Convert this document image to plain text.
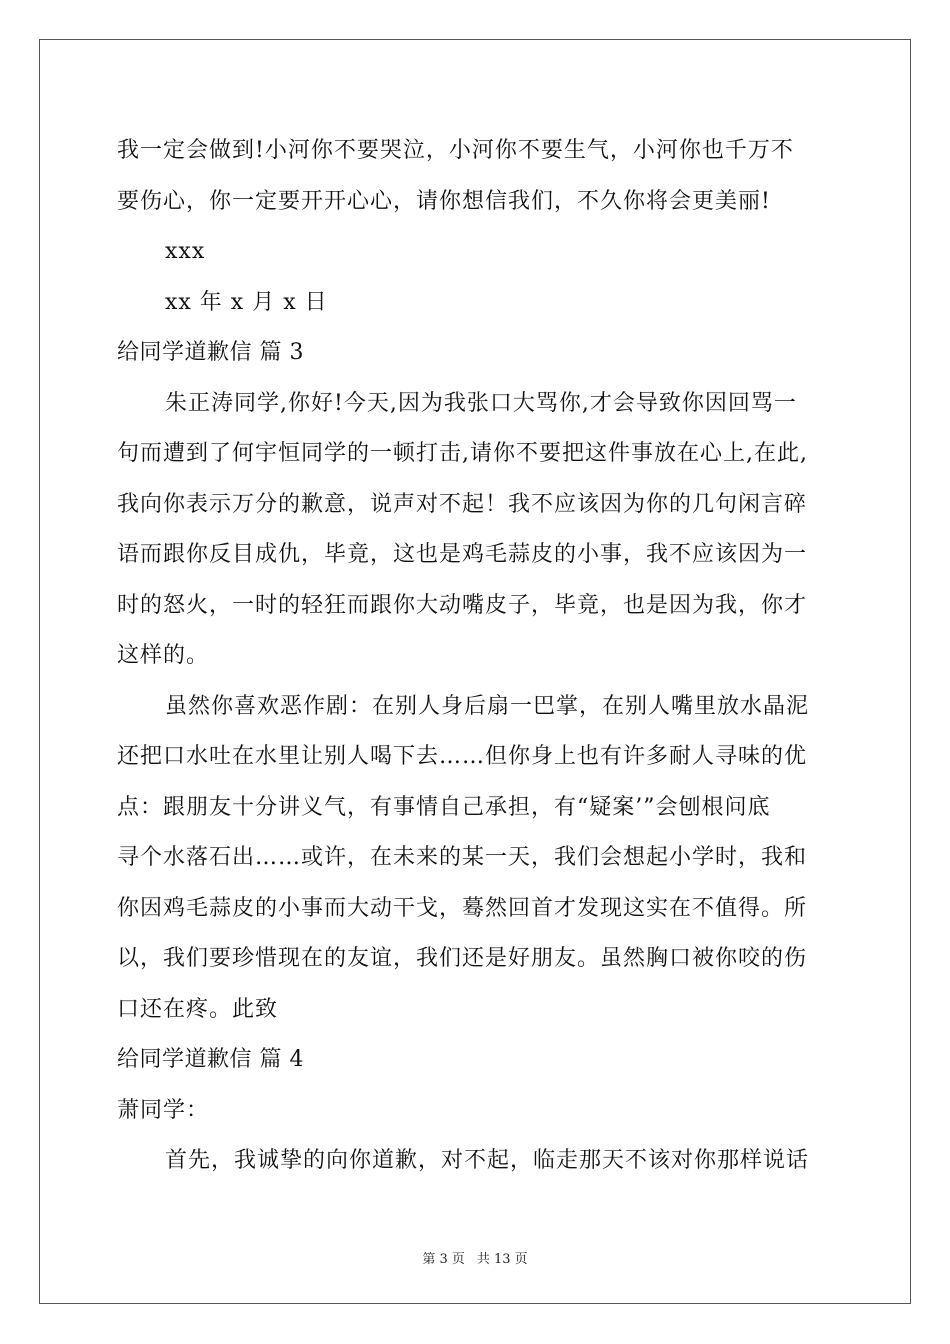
我一定会做到!小河你不要哭泣，小河你不要生气，小河你也千万不
要伤心，你一定要开开心心，请你想信我们，不久你将会更美丽!
xxx
xx 年 x 月 x 日
给同学道歉信 篇 3
朱正涛同学,你好!今天,因为我张口大骂你,才会导致你因回骂一
句而遭到了何宇恒同学的一顿打击,请你不要把这件事放在心上,在此,
我向你表示万分的歉意，说声对不起！我不应该因为你的几句闲言碎
语而跟你反目成仇，毕竟，这也是鸡毛蒜皮的小事，我不应该因为一
时的怒火，一时的轻狂而跟你大动嘴皮子，毕竟，也是因为我，你才
这样的。
虽然你喜欢恶作剧：在别人身后扇一巴掌，在别人嘴里放水晶泥
还把口水吐在水里让别人喝下去……但你身上也有许多耐人寻味的优
点：跟朋友十分讲义气，有事情自己承担，有“疑案’”会刨根问底
寻个水落石出……或许，在未来的某一天，我们会想起小学时，我和
你因鸡毛蒜皮的小事而大动干戈，蓦然回首才发现这实在不值得。所
以，我们要珍惜现在的友谊，我们还是好朋友。虽然胸口被你咬的伤
口还在疼。此致
给同学道歉信 篇 4
萧同学：
首先，我诚挚的向你道歉，对不起，临走那天不该对你那样说话
第 3 页 共 13 页
